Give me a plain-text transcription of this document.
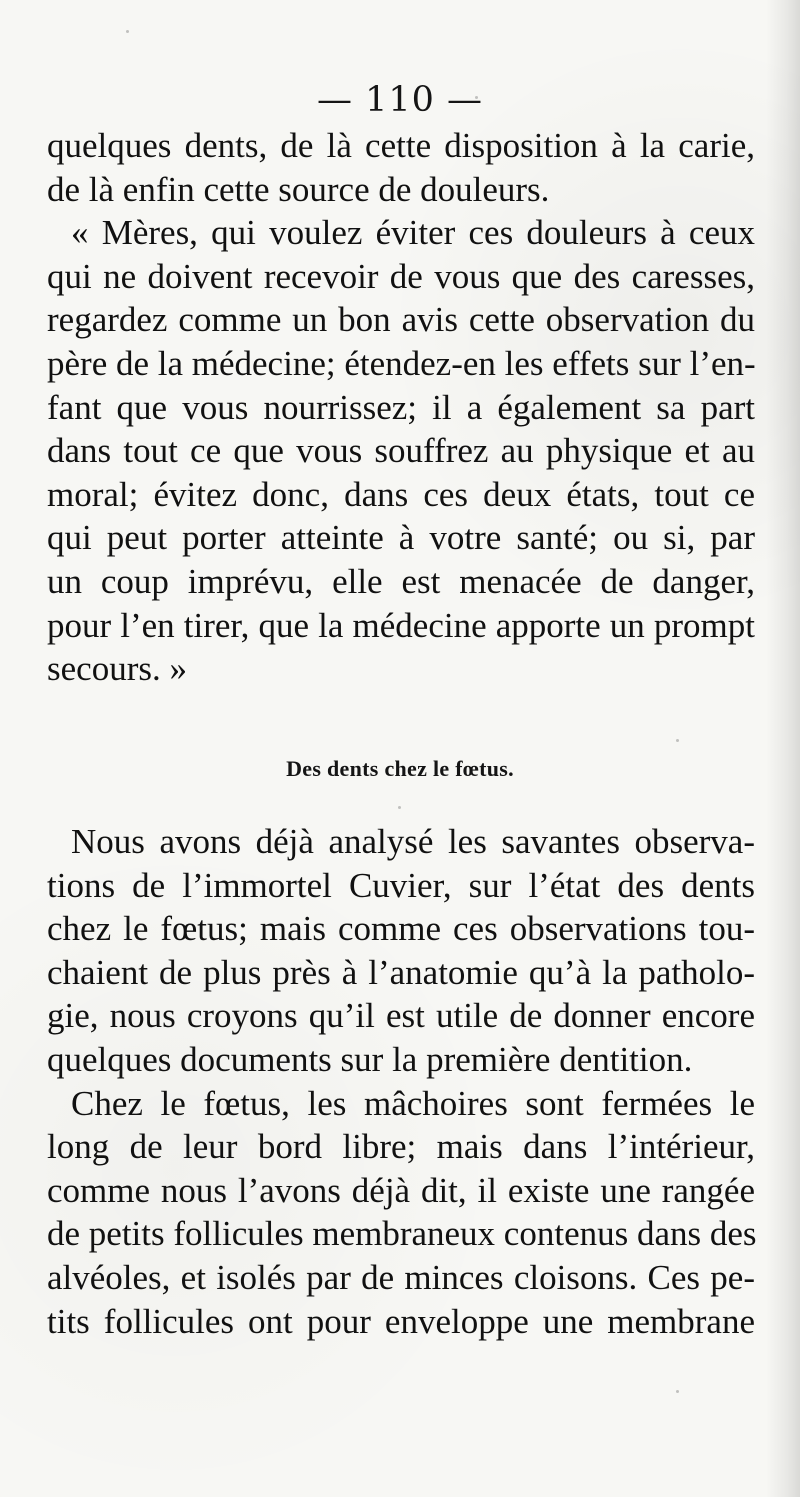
— 110 —
quelques dents, de là cette disposition à la carie,
de là enfin cette source de douleurs.
« Mères, qui voulez éviter ces douleurs à ceux
qui ne doivent recevoir de vous que des caresses,
regardez comme un bon avis cette observation du
père de la médecine; étendez-en les effets sur l’en-
fant que vous nourrissez; il a également sa part
dans tout ce que vous souffrez au physique et au
moral; évitez donc, dans ces deux états, tout ce
qui peut porter atteinte à votre santé; ou si, par
un coup imprévu, elle est menacée de danger,
pour l’en tirer, que la médecine apporte un prompt
secours. »
Des dents chez le fœtus.
Nous avons déjà analysé les savantes observa-
tions de l’immortel Cuvier, sur l’état des dents
chez le fœtus; mais comme ces observations tou-
chaient de plus près à l’anatomie qu’à la patholo-
gie, nous croyons qu’il est utile de donner encore
quelques documents sur la première dentition.
Chez le fœtus, les mâchoires sont fermées le
long de leur bord libre; mais dans l’intérieur,
comme nous l’avons déjà dit, il existe une rangée
de petits follicules membraneux contenus dans des
alvéoles, et isolés par de minces cloisons. Ces pe-
tits follicules ont pour enveloppe une membrane
